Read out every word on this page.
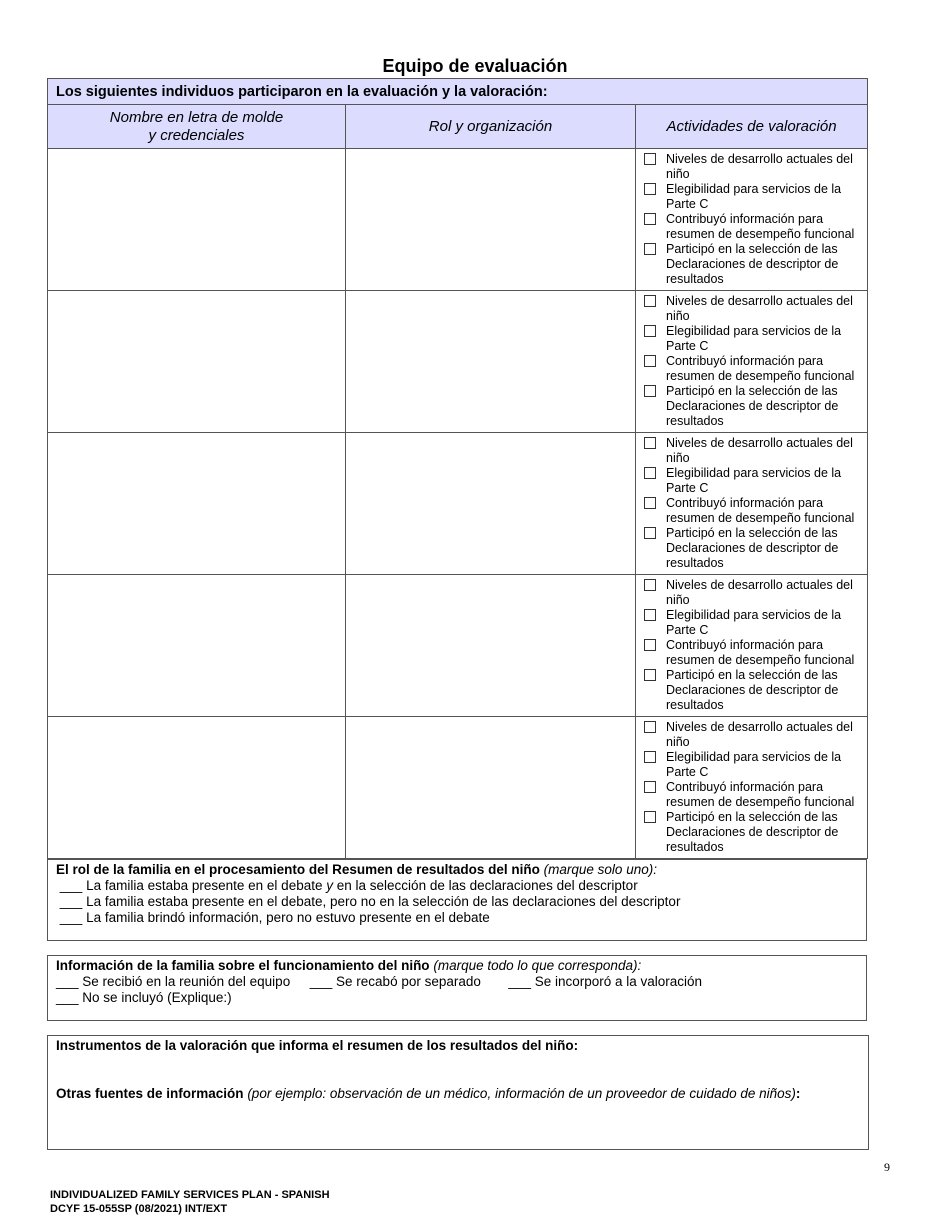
Equipo de evaluación
Los siguientes individuos participaron en la evaluación y la valoración:		
Nombre en letra de molde
y credenciales	Rol y organización	Actividades de valoración

		Niveles de desarrollo actuales del niño
Elegibilidad para servicios de la Parte C
Contribuyó información para resumen de desempeño funcional
Participó en la selección de las Declaraciones de descriptor de resultados

		Niveles de desarrollo actuales del niño
Elegibilidad para servicios de la Parte C
Contribuyó información para resumen de desempeño funcional
Participó en la selección de las Declaraciones de descriptor de resultados

		Niveles de desarrollo actuales del niño
Elegibilidad para servicios de la Parte C
Contribuyó información para resumen de desempeño funcional
Participó en la selección de las Declaraciones de descriptor de resultados

		Niveles de desarrollo actuales del niño
Elegibilidad para servicios de la Parte C
Contribuyó información para resumen de desempeño funcional
Participó en la selección de las Declaraciones de descriptor de resultados

		Niveles de desarrollo actuales del niño
Elegibilidad para servicios de la Parte C
Contribuyó información para resumen de desempeño funcional
Participó en la selección de las Declaraciones de descriptor de resultados
El rol de la familia en el procesamiento del Resumen de resultados del niño (marque solo uno):
___ La familia estaba presente en el debate y en la selección de las declaraciones del descriptor
___ La familia estaba presente en el debate, pero no en la selección de las declaraciones del descriptor
___ La familia brindó información, pero no estuvo presente en el debate
Información de la familia sobre el funcionamiento del niño (marque todo lo que corresponda):
___ Se recibió en la reunión del equipo ___ Se recabó por separado ___ Se incorporó a la valoración
___ No se incluyó (Explique:)
Instrumentos de la valoración que informa el resumen de los resultados del niño:
Otras fuentes de información (por ejemplo: observación de un médico, información de un proveedor de cuidado de niños):
9
INDIVIDUALIZED FAMILY SERVICES PLAN - SPANISH
DCYF 15-055SP (08/2021) INT/EXT
